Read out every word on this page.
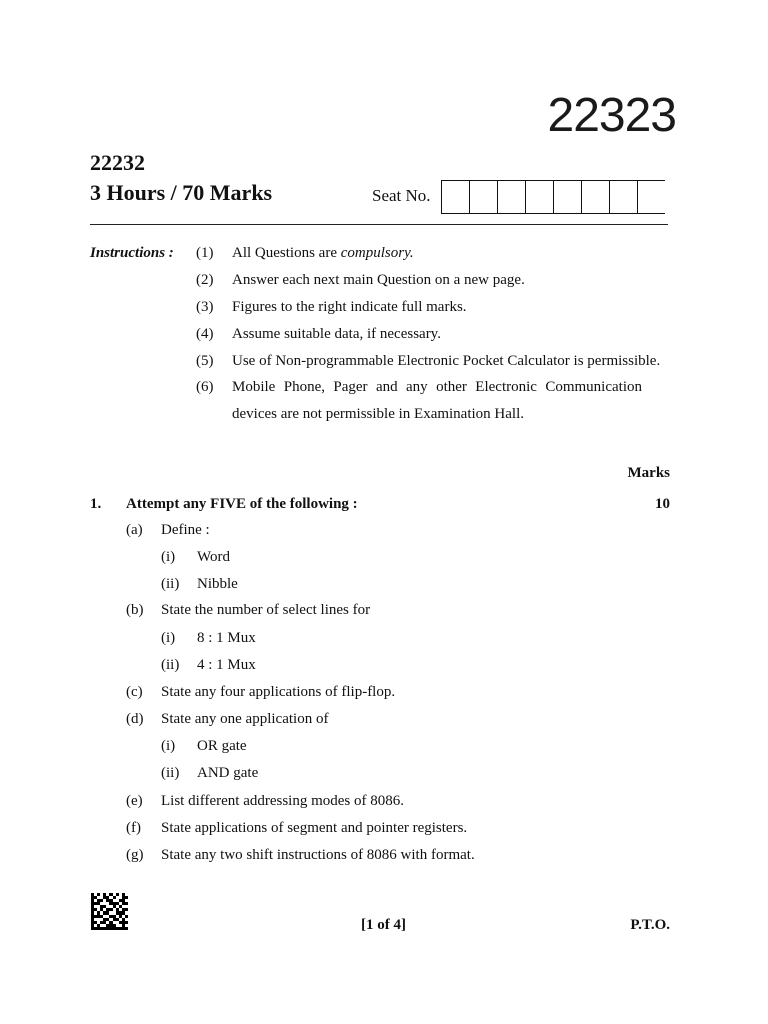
22323
22232
3 Hours / 70 Marks	Seat No.
Instructions : (1) All Questions are compulsory.
(2) Answer each next main Question on a new page.
(3) Figures to the right indicate full marks.
(4) Assume suitable data, if necessary.
(5) Use of Non-programmable Electronic Pocket Calculator is permissible.
(6) Mobile Phone, Pager and any other Electronic Communication
devices are not permissible in Examination Hall.
Marks
1. Attempt any FIVE of the following :	10
(a) Define :
(i) Word
(ii) Nibble
(b) State the number of select lines for
(i) 8 : 1 Mux
(ii) 4 : 1 Mux
(c) State any four applications of flip-flop.
(d) State any one application of
(i) OR gate
(ii) AND gate
(e) List different addressing modes of 8086.
(f) State applications of segment and pointer registers.
(g) State any two shift instructions of 8086 with format.
[1 of 4]	P.T.O.
